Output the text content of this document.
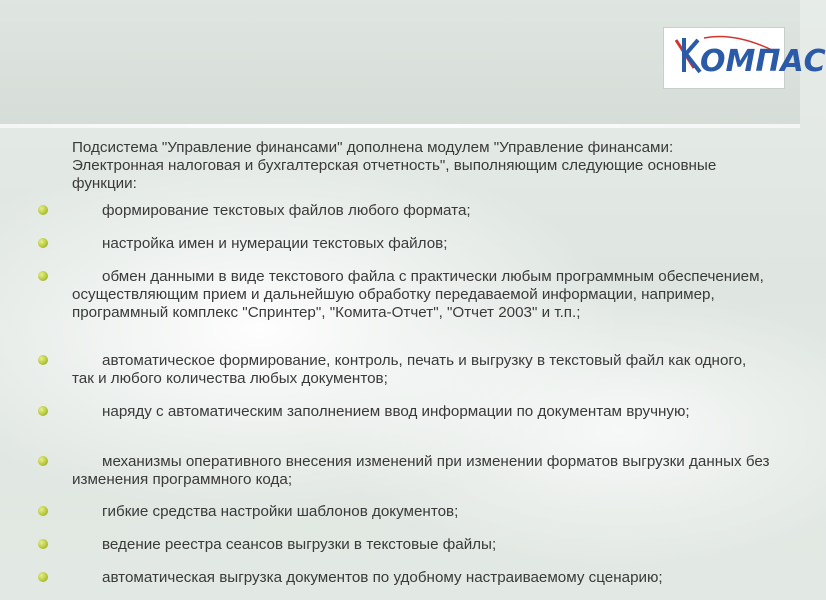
ОМПАС
Подсистема "Управление финансами" дополнена модулем "Управление финансами: Электронная налоговая и бухгалтерская отчетность", выполняющим следующие основные функции:
формирование текстовых файлов любого формата;
настройка имен и нумерации текстовых файлов;
обмен данными в виде текстового файла с практически любым программным обеспечением, осуществляющим прием и дальнейшую обработку передаваемой информации, например, программный комплекс "Спринтер", "Комита-Отчет", "Отчет 2003" и т.п.;
автоматическое формирование, контроль, печать и выгрузку в текстовый файл как одного, так и любого количества любых документов;
наряду с автоматическим заполнением ввод информации по документам вручную;
механизмы оперативного внесения изменений при изменении форматов выгрузки данных без изменения программного кода;
гибкие средства настройки шаблонов документов;
ведение реестра сеансов выгрузки в текстовые файлы;
автоматическая выгрузка документов по удобному настраиваемому сценарию;
